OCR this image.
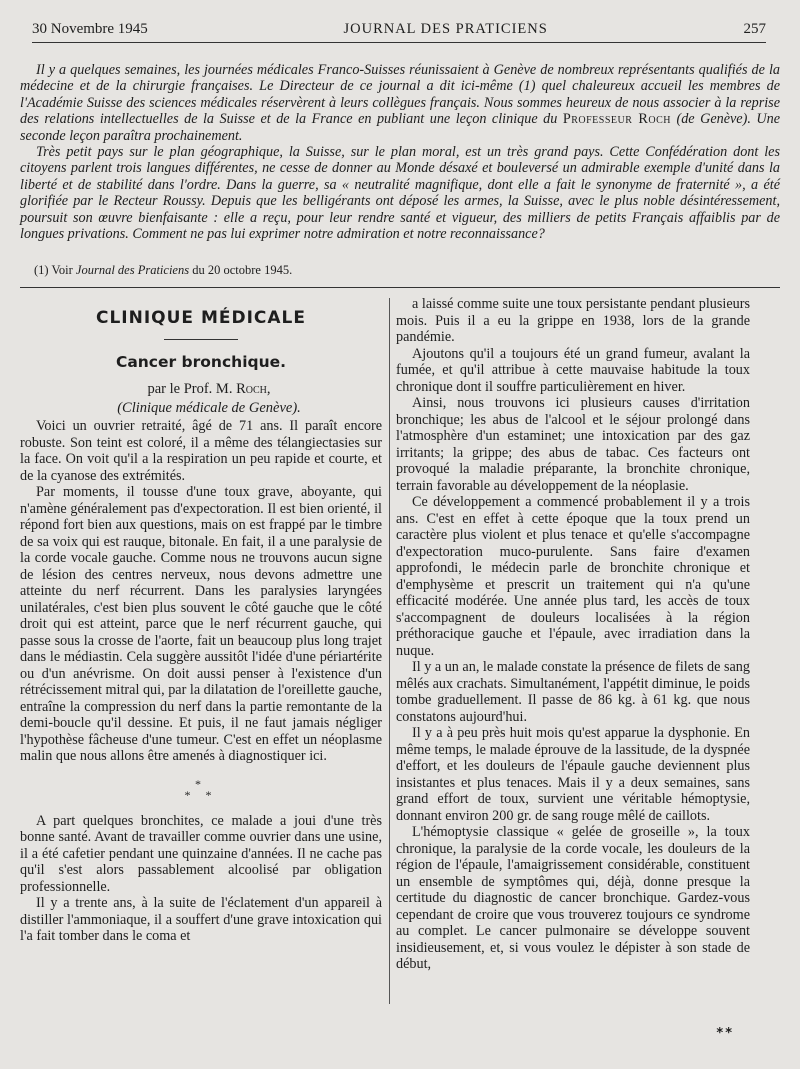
30 Novembre 1945	JOURNAL DES PRATICIENS	257

Il y a quelques semaines, les journées médicales Franco-Suisses réunissaient à Genève de nombreux représentants qualifiés de la médecine et de la chirurgie françaises. Le Directeur de ce journal a dit ici-même (1) quel chaleureux accueil les membres de l'Académie Suisse des sciences médicales réservèrent à leurs collègues français. Nous sommes heureux de nous associer à la reprise des relations intellectuelles de la Suisse et de la France en publiant une leçon clinique du Professeur Roch (de Genève). Une seconde leçon paraîtra prochainement.

Très petit pays sur le plan géographique, la Suisse, sur le plan moral, est un très grand pays. Cette Confédération dont les citoyens parlent trois langues différentes, ne cesse de donner au Monde désaxé et bouleversé un admirable exemple d'unité dans la liberté et de stabilité dans l'ordre. Dans la guerre, sa « neutralité magnifique, dont elle a fait le synonyme de fraternité », a été glorifiée par le Recteur Roussy. Depuis que les belligérants ont déposé les armes, la Suisse, avec le plus noble désintéressement, poursuit son œuvre bienfaisante : elle a reçu, pour leur rendre santé et vigueur, des milliers de petits Français affaiblis par de longues privations. Comment ne pas lui exprimer notre admiration et notre reconnaissance?

(1) Voir Journal des Praticiens du 20 octobre 1945.
CLINIQUE MÉDICALE
Cancer bronchique.

par le Prof. M. Roch,

(Clinique médicale de Genève).

Voici un ouvrier retraité, âgé de 71 ans. Il paraît encore robuste. Son teint est coloré, il a même des télangiectasies sur la face. On voit qu'il a la respiration un peu rapide et courte, et de la cyanose des extrémités.

Par moments, il tousse d'une toux grave, aboyante, qui n'amène généralement pas d'expectoration. Il est bien orienté, il répond fort bien aux questions, mais on est frappé par le timbre de sa voix qui est rauque, bitonale. En fait, il a une paralysie de la corde vocale gauche. Comme nous ne trouvons aucun signe de lésion des centres nerveux, nous devons admettre une atteinte du nerf récurrent. Dans les paralysies laryngées unilatérales, c'est bien plus souvent le côté gauche que le côté droit qui est atteint, parce que le nerf récurrent gauche, qui passe sous la crosse de l'aorte, fait un beaucoup plus long trajet dans le médiastin. Cela suggère aussitôt l'idée d'une périartérite ou d'un anévrisme. On doit aussi penser à l'existence d'un rétrécissement mitral qui, par la dilatation de l'oreillette gauche, entraîne la compression du nerf dans la partie remontante de la demi-boucle qu'il dessine. Et puis, il ne faut jamais négliger l'hypothèse fâcheuse d'une tumeur. C'est en effet un néoplasme malin que nous allons être amenés à diagnostiquer ici.

*
* *

A part quelques bronchites, ce malade a joui d'une très bonne santé. Avant de travailler comme ouvrier dans une usine, il a été cafetier pendant une quinzaine d'années. Il ne cache pas qu'il s'est alors passablement alcoolisé par obligation professionnelle.

Il y a trente ans, à la suite de l'éclatement d'un appareil à distiller l'ammoniaque, il a souffert d'une grave intoxication qui l'a fait tomber dans le coma et

a laissé comme suite une toux persistante pendant plusieurs mois. Puis il a eu la grippe en 1938, lors de la grande pandémie.

Ajoutons qu'il a toujours été un grand fumeur, avalant la fumée, et qu'il attribue à cette mauvaise habitude la toux chronique dont il souffre particulièrement en hiver.

Ainsi, nous trouvons ici plusieurs causes d'irritation bronchique; les abus de l'alcool et le séjour prolongé dans l'atmosphère d'un estaminet; une intoxication par des gaz irritants; la grippe; des abus de tabac. Ces facteurs ont provoqué la maladie préparante, la bronchite chronique, terrain favorable au développement de la néoplasie.

Ce développement a commencé probablement il y a trois ans. C'est en effet à cette époque que la toux prend un caractère plus violent et plus tenace et qu'elle s'accompagne d'expectoration muco-purulente. Sans faire d'examen approfondi, le médecin parle de bronchite chronique et d'emphysème et prescrit un traitement qui n'a qu'une efficacité modérée. Une année plus tard, les accès de toux s'accompagnent de douleurs localisées à la région préthoracique gauche et l'épaule, avec irradiation dans la nuque.

Il y a un an, le malade constate la présence de filets de sang mêlés aux crachats. Simultanément, l'appétit diminue, le poids tombe graduellement. Il passe de 86 kg. à 61 kg. que nous constatons aujourd'hui.

Il y a à peu près huit mois qu'est apparue la dysphonie. En même temps, le malade éprouve de la lassitude, de la dyspnée d'effort, et les douleurs de l'épaule gauche deviennent plus insistantes et plus tenaces. Mais il y a deux semaines, sans grand effort de toux, survient une véritable hémoptysie, donnant environ 200 gr. de sang rouge mêlé de caillots.

L'hémoptysie classique « gelée de groseille », la toux chronique, la paralysie de la corde vocale, les douleurs de la région de l'épaule, l'amaigrissement considérable, constituent un ensemble de symptômes qui, déjà, donne presque la certitude du diagnostic de cancer bronchique. Gardez-vous cependant de croire que vous trouverez toujours ce syndrome au complet. Le cancer pulmonaire se développe souvent insidieusement, et, si vous voulez le dépister à son stade de début,

**
